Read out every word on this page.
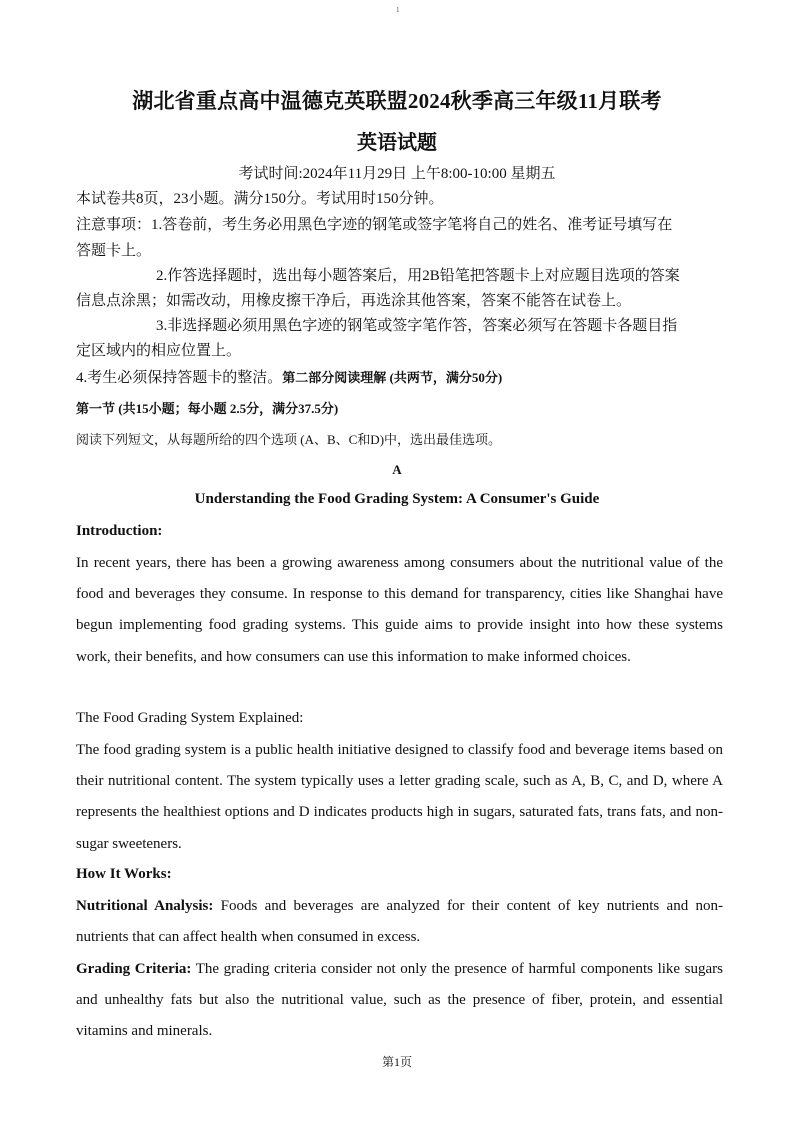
1
湖北省重点高中温德克英联盟2024秋季高三年级11月联考
英语试题
考试时间:2024年11月29日 上午8:00-10:00 星期五
本试卷共8页，23小题。满分150分。考试用时150分钟。
注意事项：1.答卷前，考生务必用黑色字迹的钢笔或签字笔将自己的姓名、准考证号填写在
答题卡上。
2.作答选择题时，选出每小题答案后，用2B铅笔把答题卡上对应题目选项的答案
信息点涂黑；如需改动，用橡皮擦干净后，再选涂其他答案，答案不能答在试卷上。
3.非选择题必须用黑色字迹的钢笔或签字笔作答，答案必须写在答题卡各题目指
定区域内的相应位置上。
4.考生必须保持答题卡的整洁。第二部分阅读理解 (共两节，满分50分)
第一节 (共15小题；每小题 2.5分，满分37.5分)
阅读下列短文，从每题所给的四个选项 (A、B、C和D)中，选出最佳选项。
A
Understanding the Food Grading System: A Consumer's Guide
Introduction:
In recent years, there has been a growing awareness among consumers about the nutritional value of the food and beverages they consume. In response to this demand for transparency, cities like Shanghai have begun implementing food grading systems. This guide aims to provide insight into how these systems work, their benefits, and how consumers can use this information to make informed choices.
The Food Grading System Explained:
The food grading system is a public health initiative designed to classify food and beverage items based on their nutritional content. The system typically uses a letter grading scale, such as A, B, C, and D, where A represents the healthiest options and D indicates products high in sugars, saturated fats, trans fats, and non-sugar sweeteners.
How It Works:
Nutritional Analysis: Foods and beverages are analyzed for their content of key nutrients and non-nutrients that can affect health when consumed in excess.
Grading Criteria: The grading criteria consider not only the presence of harmful components like sugars and unhealthy fats but also the nutritional value, such as the presence of fiber, protein, and essential vitamins and minerals.
第1页
